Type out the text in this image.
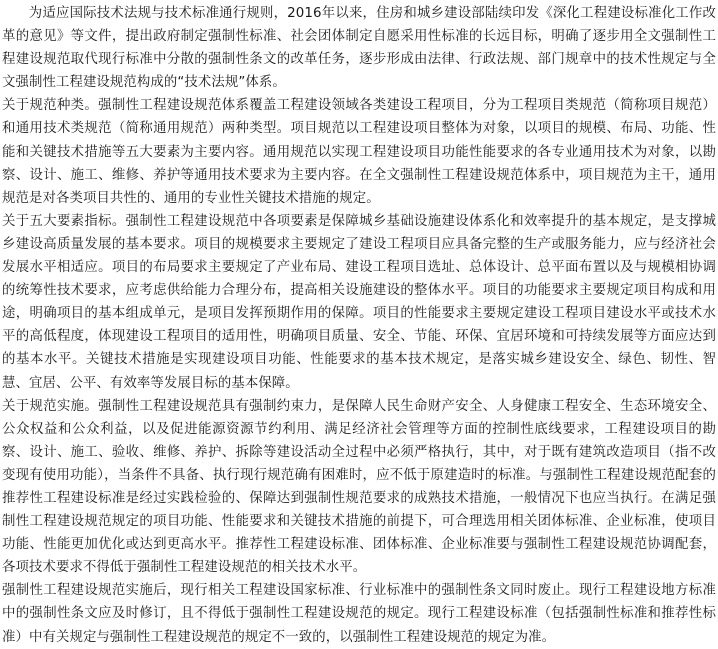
为适应国际技术法规与技术标准通行规则，2016年以来，住房和城乡建设部陆续印发《深化工程建设标准化工作改革的意见》等文件，提出政府制定强制性标准、社会团体制定自愿采用性标准的长远目标，明确了逐步用全文强制性工程建设规范取代现行标准中分散的强制性条文的改革任务，逐步形成由法律、行政法规、部门规章中的技术性规定与全文强制性工程建设规范构成的“技术法规”体系。

关于规范种类。强制性工程建设规范体系覆盖工程建设领域各类建设工程项目，分为工程项目类规范（简称项目规范）和通用技术类规范（简称通用规范）两种类型。项目规范以工程建设项目整体为对象，以项目的规模、布局、功能、性能和关键技术措施等五大要素为主要内容。通用规范以实现工程建设项目功能性能要求的各专业通用技术为对象，以勘察、设计、施工、维修、养护等通用技术要求为主要内容。在全文强制性工程建设规范体系中，项目规范为主干，通用规范是对各类项目共性的、通用的专业性关键技术措施的规定。

关于五大要素指标。强制性工程建设规范中各项要素是保障城乡基础设施建设体系化和效率提升的基本规定，是支撑城乡建设高质量发展的基本要求。项目的规模要求主要规定了建设工程项目应具备完整的生产或服务能力，应与经济社会发展水平相适应。项目的布局要求主要规定了产业布局、建设工程项目选址、总体设计、总平面布置以及与规模相协调的统筹性技术要求，应考虑供给能力合理分布，提高相关设施建设的整体水平。项目的功能要求主要规定项目构成和用途，明确项目的基本组成单元，是项目发挥预期作用的保障。项目的性能要求主要规定建设工程项目建设水平或技术水平的高低程度，体现建设工程项目的适用性，明确项目质量、安全、节能、环保、宜居环境和可持续发展等方面应达到的基本水平。关键技术措施是实现建设项目功能、性能要求的基本技术规定，是落实城乡建设安全、绿色、韧性、智慧、宜居、公平、有效率等发展目标的基本保障。

关于规范实施。强制性工程建设规范具有强制约束力，是保障人民生命财产安全、人身健康工程安全、生态环境安全、公众权益和公众利益，以及促进能源资源节约利用、满足经济社会管理等方面的控制性底线要求，工程建设项目的勘察、设计、施工、验收、维修、养护、拆除等建设活动全过程中必须严格执行，其中，对于既有建筑改造项目（指不改变现有使用功能），当条件不具备、执行现行规范确有困难时，应不低于原建造时的标准。与强制性工程建设规范配套的推荐性工程建设标准是经过实践检验的、保障达到强制性规范要求的成熟技术措施，一般情况下也应当执行。在满足强制性工程建设规范规定的项目功能、性能要求和关键技术措施的前提下，可合理选用相关团体标准、企业标准，使项目功能、性能更加优化或达到更高水平。推荐性工程建设标准、团体标准、企业标准要与强制性工程建设规范协调配套，各项技术要求不得低于强制性工程建设规范的相关技术水平。

强制性工程建设规范实施后，现行相关工程建设国家标准、行业标准中的强制性条文同时废止。现行工程建设地方标准中的强制性条文应及时修订，且不得低于强制性工程建设规范的规定。现行工程建设标准（包括强制性标准和推荐性标准）中有关规定与强制性工程建设规范的规定不一致的，以强制性工程建设规范的规定为准。
